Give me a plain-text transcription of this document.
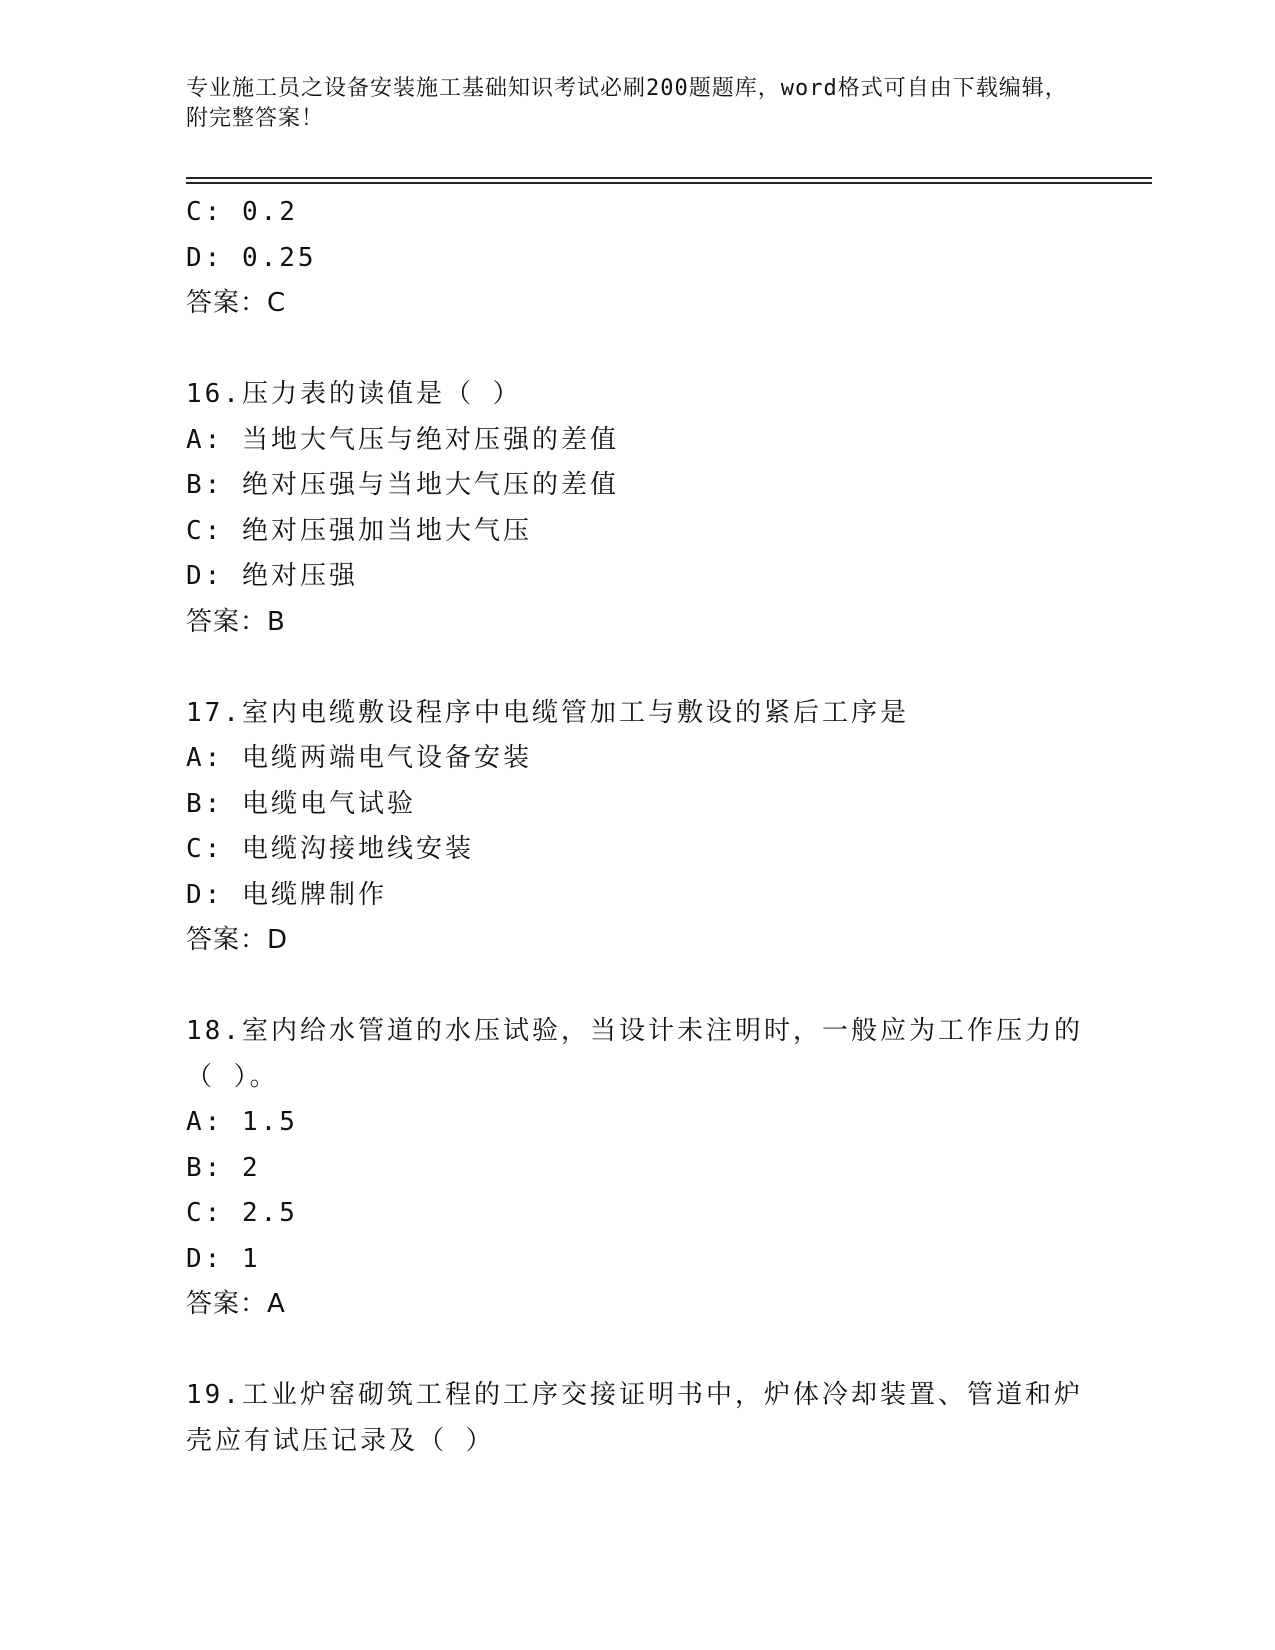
专业施工员之设备安装施工基础知识考试必刷200题题库，word格式可自由下载编辑，附完整答案！
C: 0.2
D: 0.25
答案：C
16.压力表的读值是（ ）
A: 当地大气压与绝对压强的差值
B: 绝对压强与当地大气压的差值
C: 绝对压强加当地大气压
D: 绝对压强
答案：B
17.室内电缆敷设程序中电缆管加工与敷设的紧后工序是
A: 电缆两端电气设备安装
B: 电缆电气试验
C: 电缆沟接地线安装
D: 电缆牌制作
答案：D
18.室内给水管道的水压试验，当设计未注明时，一般应为工作压力的
（ ）。
A: 1.5
B: 2
C: 2.5
D: 1
答案：A
19.工业炉窑砌筑工程的工序交接证明书中，炉体冷却装置、管道和炉
壳应有试压记录及（ ）
